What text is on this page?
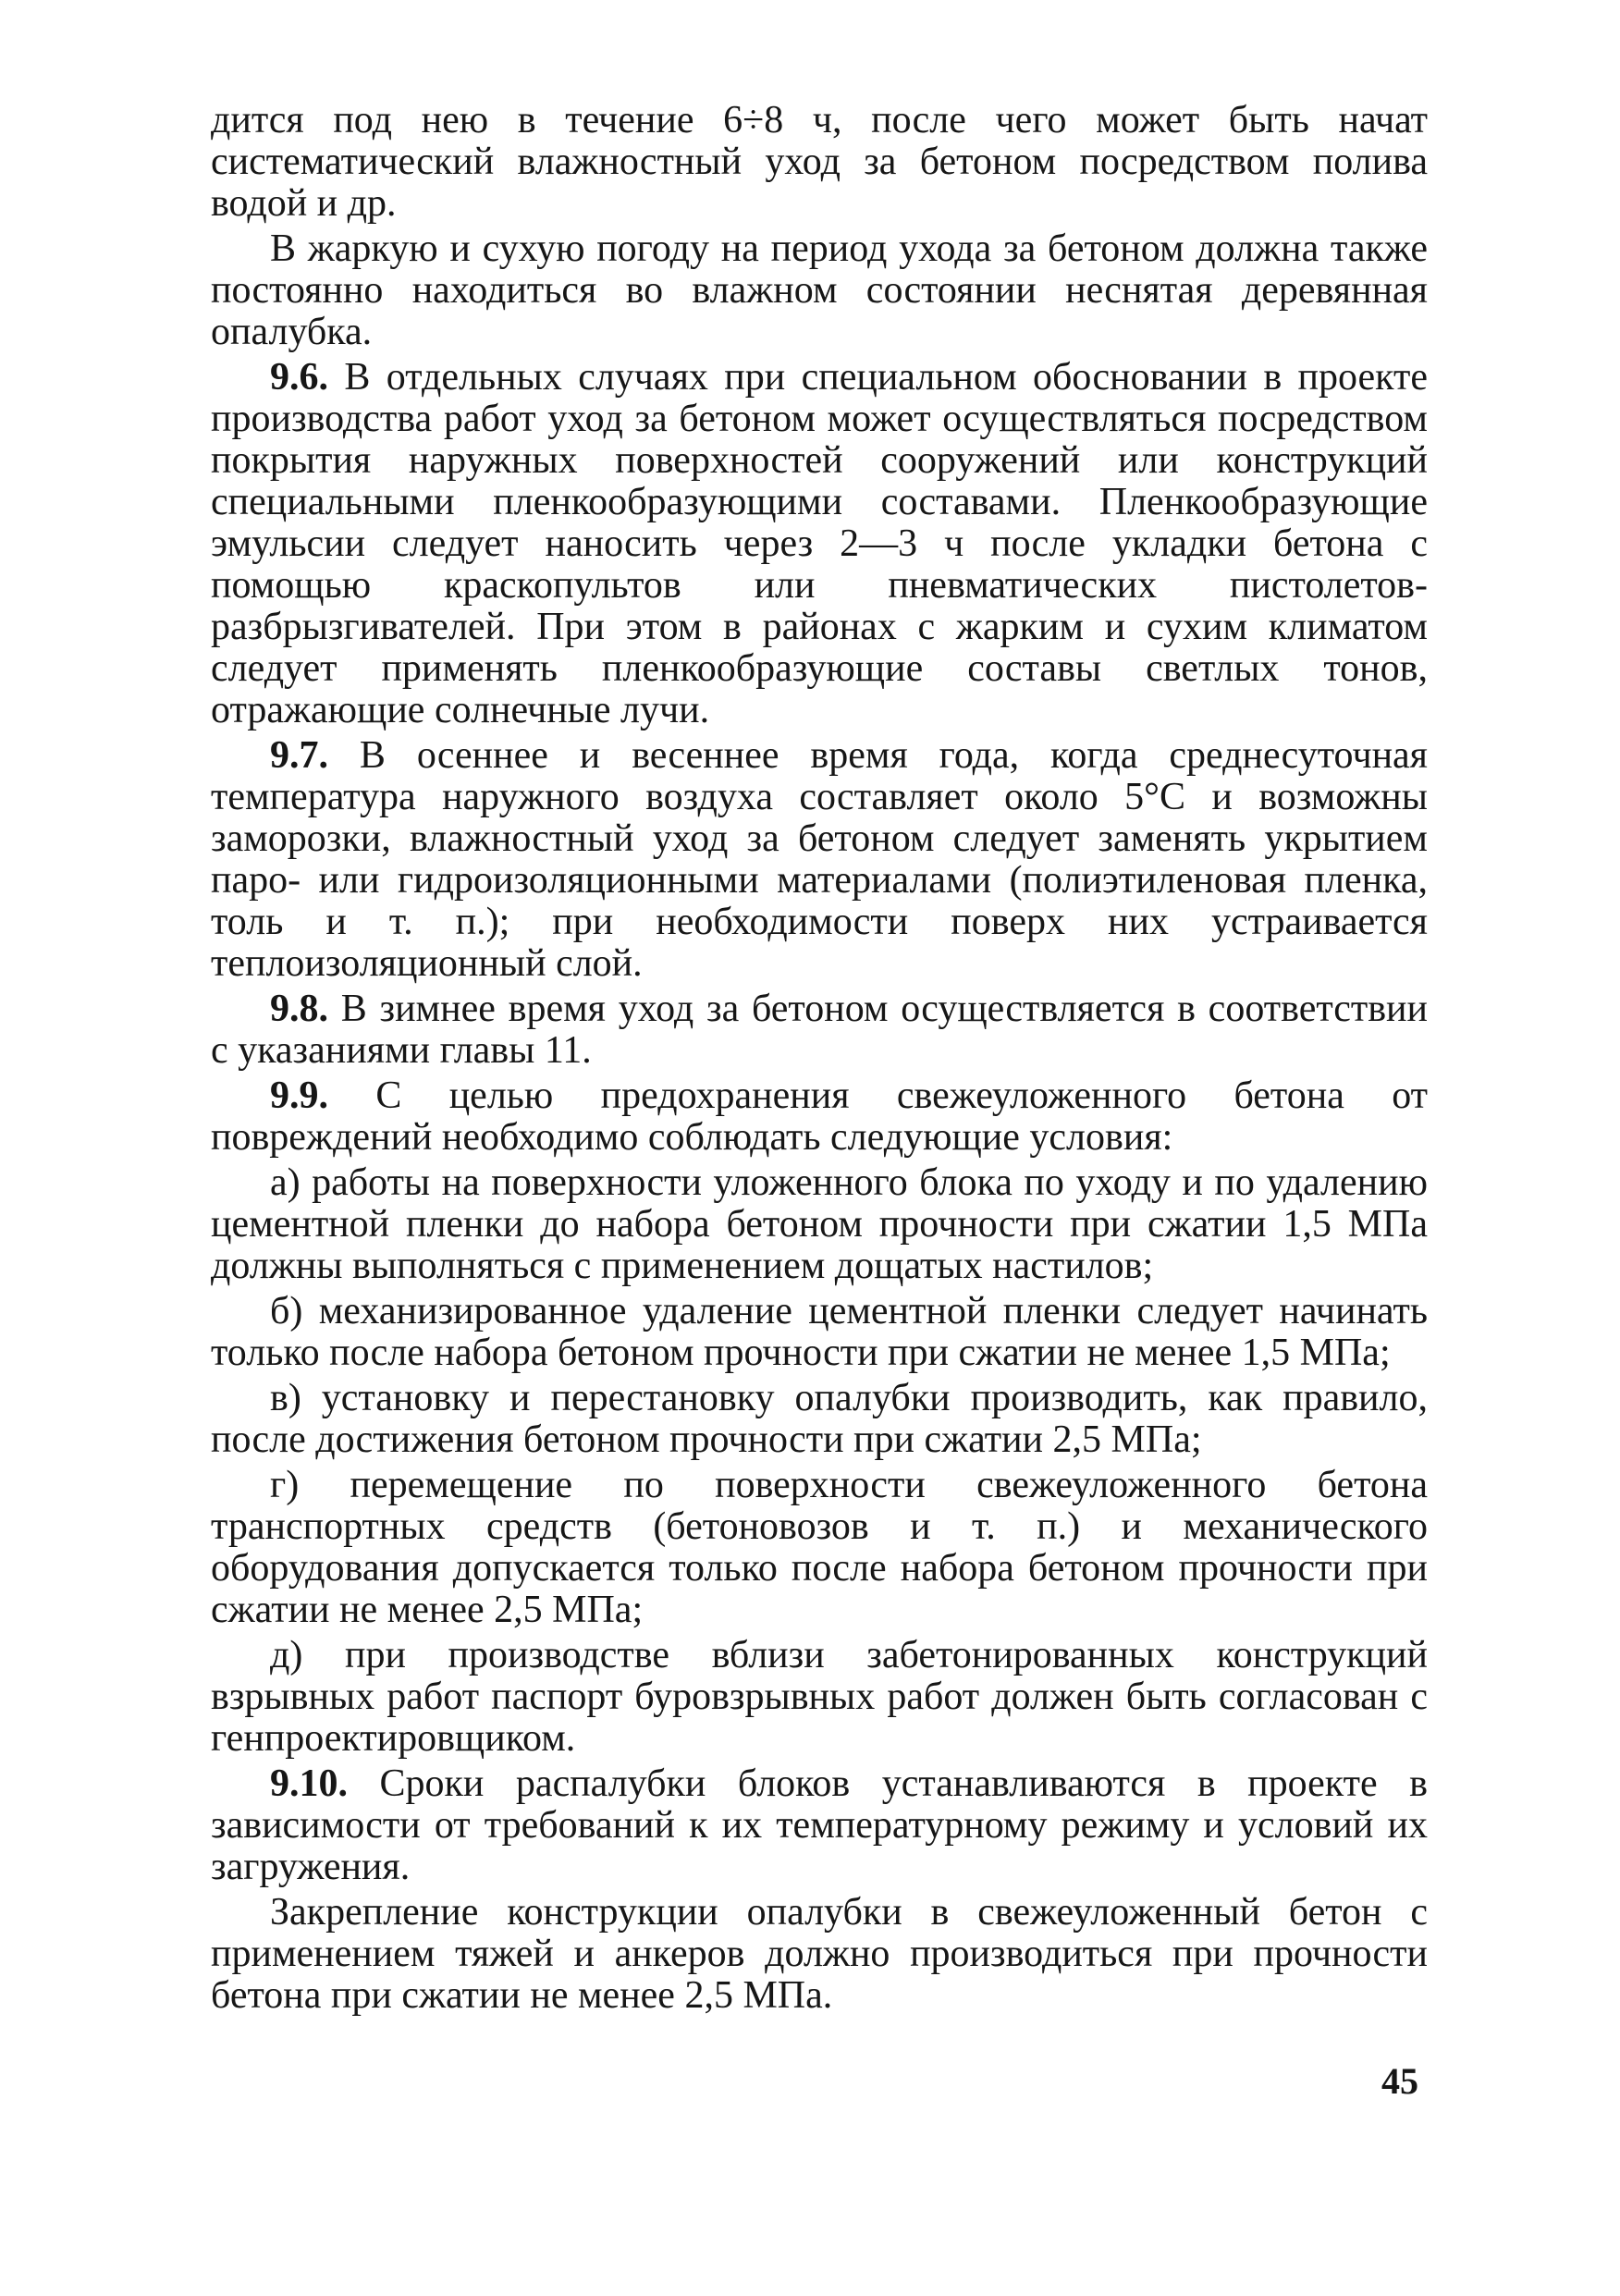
дится под нею в течение 6÷8 ч, после чего может быть начат систематический влажностный уход за бетоном посредством полива водой и др.

В жаркую и сухую погоду на период ухода за бетоном должна также постоянно находиться во влажном состоянии неснятая деревянная опалубка.

9.6. В отдельных случаях при специальном обосновании в проекте производства работ уход за бетоном может осуществляться посредством покрытия наружных поверхностей сооружений или конструкций специальными пленкообразующими составами. Пленкообразующие эмульсии следует наносить через 2—3 ч после укладки бетона с помощью краскопультов или пневматических пистолетов-разбрызгивателей. При этом в районах с жарким и сухим климатом следует применять пленкообразующие составы светлых тонов, отражающие солнечные лучи.

9.7. В осеннее и весеннее время года, когда среднесуточная температура наружного воздуха составляет около 5°С и возможны заморозки, влажностный уход за бетоном следует заменять укрытием паро- или гидроизоляционными материалами (полиэтиленовая пленка, толь и т. п.); при необходимости поверх них устраивается теплоизоляционный слой.

9.8. В зимнее время уход за бетоном осуществляется в соответствии с указаниями главы 11.

9.9. С целью предохранения свежеуложенного бетона от повреждений необходимо соблюдать следующие условия:

а) работы на поверхности уложенного блока по уходу и по удалению цементной пленки до набора бетоном прочности при сжатии 1,5 МПа должны выполняться с применением дощатых настилов;

б) механизированное удаление цементной пленки следует начинать только после набора бетоном прочности при сжатии не менее 1,5 МПа;

в) установку и перестановку опалубки производить, как правило, после достижения бетоном прочности при сжатии 2,5 МПа;

г) перемещение по поверхности свежеуложенного бетона транспортных средств (бетоновозов и т. п.) и механического оборудования допускается только после набора бетоном прочности при сжатии не менее 2,5 МПа;

д) при производстве вблизи забетонированных конструкций взрывных работ паспорт буровзрывных работ должен быть согласован с генпроектировщиком.

9.10. Сроки распалубки блоков устанавливаются в проекте в зависимости от требований к их температурному режиму и условий их загружения.

Закрепление конструкции опалубки в свежеуложенный бетон с применением тяжей и анкеров должно производиться при прочности бетона при сжатии не менее 2,5 МПа.

45
